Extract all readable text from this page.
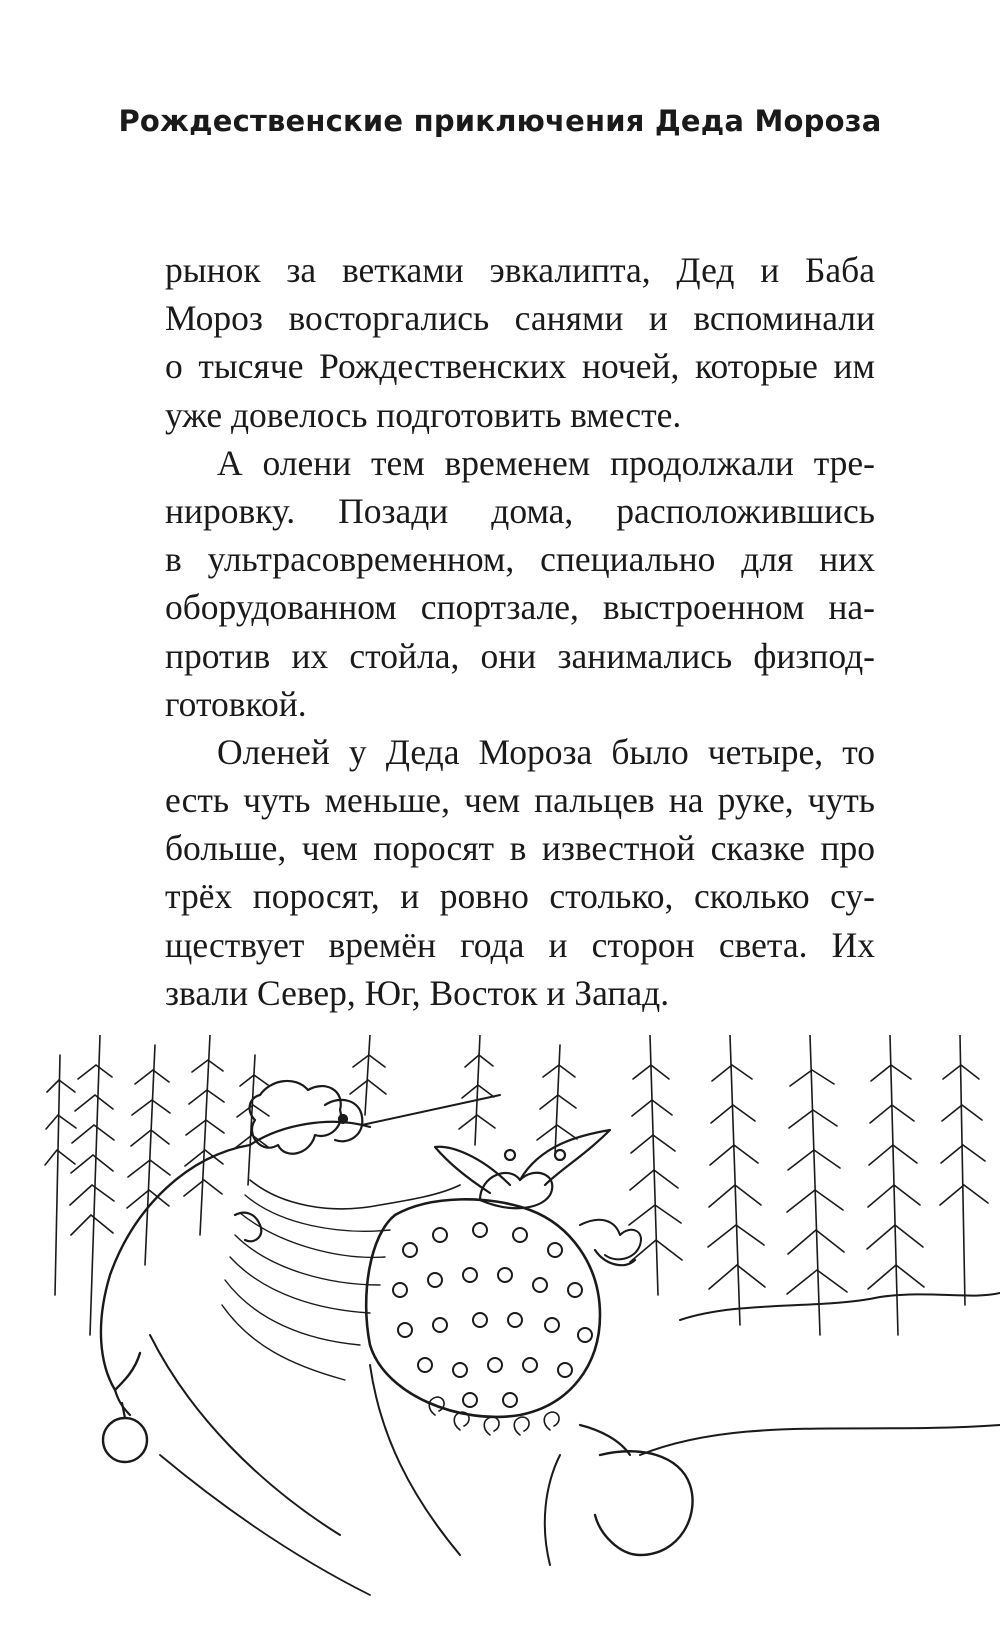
Рождественские приключения Деда Мороза
рынок за ветками эвкалипта, Дед и Баба
Мороз восторгались санями и вспоминали
о тысяче Рождественских ночей, которые им
уже довелось подготовить вместе.
А олени тем временем продолжали тре-
нировку. Позади дома, расположившись
в ультрасовременном, специально для них
оборудованном спортзале, выстроенном на-
против их стойла, они занимались физпод-
готовкой.
Оленей у Деда Мороза было четыре, то
есть чуть меньше, чем пальцев на руке, чуть
больше, чем поросят в известной сказке про
трёх поросят, и ровно столько, сколько су-
ществует времён года и сторон света. Их
звали Север, Юг, Восток и Запад.
